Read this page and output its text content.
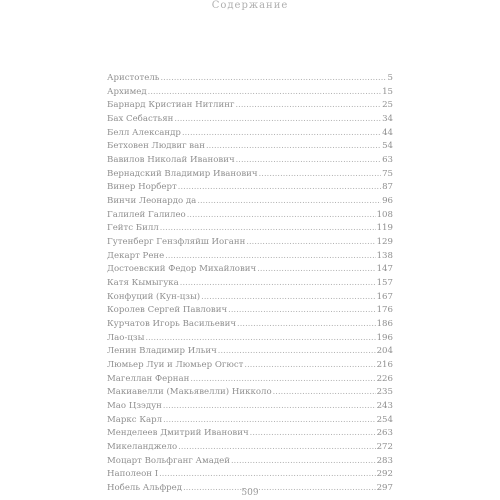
Содержание
Аристотель . . .	5
Архимед . . .	15
Барнард Кристиан Нитлинг . . .	25
Бах Себастьян . . .	34
Белл Александр . . .	44
Бетховен Людвиг ван . . .	54
Вавилов Николай Иванович . . .	63
Вернадский Владимир Иванович . . .	75
Винер Норберт . . .	87
Винчи Леонардо да . . .	96
Галилей Галилео . . .	108
Гейтс Билл . . .	119
Гутенберг Гензфляйш Иоганн . . .	129
Декарт Рене . . .	138
Достоевский Федор Михайлович . . .	147
Катя Кымыгука . . .	157
Конфуций (Кун-цзы) . . .	167
Королев Сергей Павлович . . .	176
Курчатов Игорь Васильевич . . .	186
Лао-цзы . . .	196
Ленин Владимир Ильич . . .	204
Люмьер Луи и Люмьер Огюст . . .	216
Магеллан Фернан . . .	226
Макиавелли (Макьявелли) Никколо . . .	235
Мао Цзэдун . . .	243
Маркс Карл . . .	254
Менделеев Дмитрий Иванович . . .	263
Микеланджело . . .	272
Моцарт Вольфганг Амадей . . .	283
Наполеон I . . .	292
Нобель Альфред . . .	297
509
